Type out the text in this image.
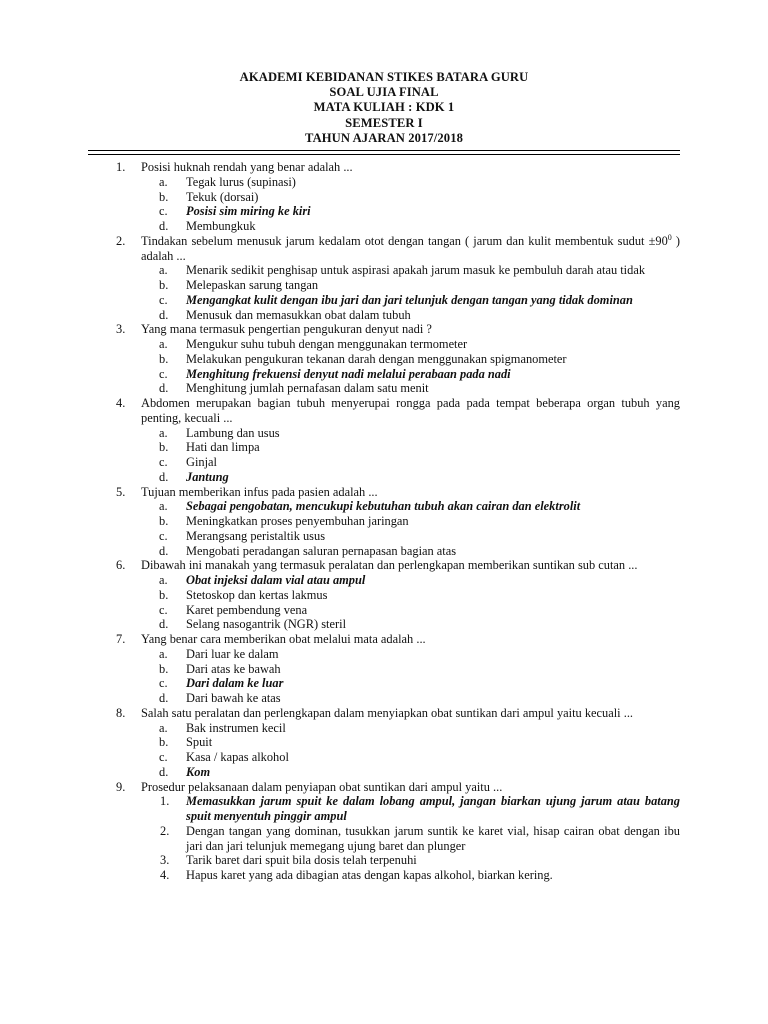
AKADEMI KEBIDANAN STIKES BATARA GURU
SOAL UJIA FINAL
MATA KULIAH : KDK 1
SEMESTER I
TAHUN AJARAN 2017/2018
1. Posisi huknah rendah yang benar adalah ...
a. Tegak lurus (supinasi)
b. Tekuk (dorsai)
c. Posisi sim miring ke kiri
d. Membungkuk
2. Tindakan sebelum menusuk jarum kedalam otot dengan tangan ( jarum dan kulit membentuk sudut $\pm 90^0$ ) adalah ...
a. Menarik sedikit penghisap untuk aspirasi apakah jarum masuk ke pembuluh darah atau tidak
b. Melepaskan sarung tangan
c. Mengangkat kulit dengan ibu jari dan jari telunjuk dengan tangan yang tidak dominan
d. Menusuk dan memasukkan obat dalam tubuh
3. Yang mana termasuk pengertian pengukuran denyut nadi ?
a. Mengukur suhu tubuh dengan menggunakan termometer
b. Melakukan pengukuran tekanan darah dengan menggunakan spigmanometer
c. Menghitung frekuensi denyut nadi melalui perabaan pada nadi
d. Menghitung jumlah pernafasan dalam satu menit
4. Abdomen merupakan bagian tubuh menyerupai rongga pada pada tempat beberapa organ tubuh yang penting, kecuali ...
a. Lambung dan usus
b. Hati dan limpa
c. Ginjal
d. Jantung
5. Tujuan memberikan infus pada pasien adalah ...
a. Sebagai pengobatan, mencukupi kebutuhan tubuh akan cairan dan elektrolit
b. Meningkatkan proses penyembuhan jaringan
c. Merangsang peristaltik usus
d. Mengobati peradangan saluran pernapasan bagian atas
6. Dibawah ini manakah yang termasuk peralatan dan perlengkapan memberikan suntikan sub cutan ...
a. Obat injeksi dalam vial atau ampul
b. Stetoskop dan kertas lakmus
c. Karet pembendung vena
d. Selang nasogantrik (NGR) steril
7. Yang benar cara memberikan obat melalui mata adalah ...
a. Dari luar ke dalam
b. Dari atas ke bawah
c. Dari dalam ke luar
d. Dari bawah ke atas
8. Salah satu peralatan dan perlengkapan dalam menyiapkan obat suntikan dari ampul yaitu kecuali ...
a. Bak instrumen kecil
b. Spuit
c. Kasa / kapas alkohol
d. Kom
9. Prosedur pelaksanaan dalam penyiapan obat suntikan dari ampul yaitu ...
1. Memasukkan jarum spuit ke dalam lobang ampul, jangan biarkan ujung jarum atau batang spuit menyentuh pinggir ampul
2. Dengan tangan yang dominan, tusukkan jarum suntik ke karet vial, hisap cairan obat dengan ibu jari dan jari telunjuk memegang ujung baret dan plunger
3. Tarik baret dari spuit bila dosis telah terpenuhi
4. Hapus karet yang ada dibagian atas dengan kapas alkohol, biarkan kering.
